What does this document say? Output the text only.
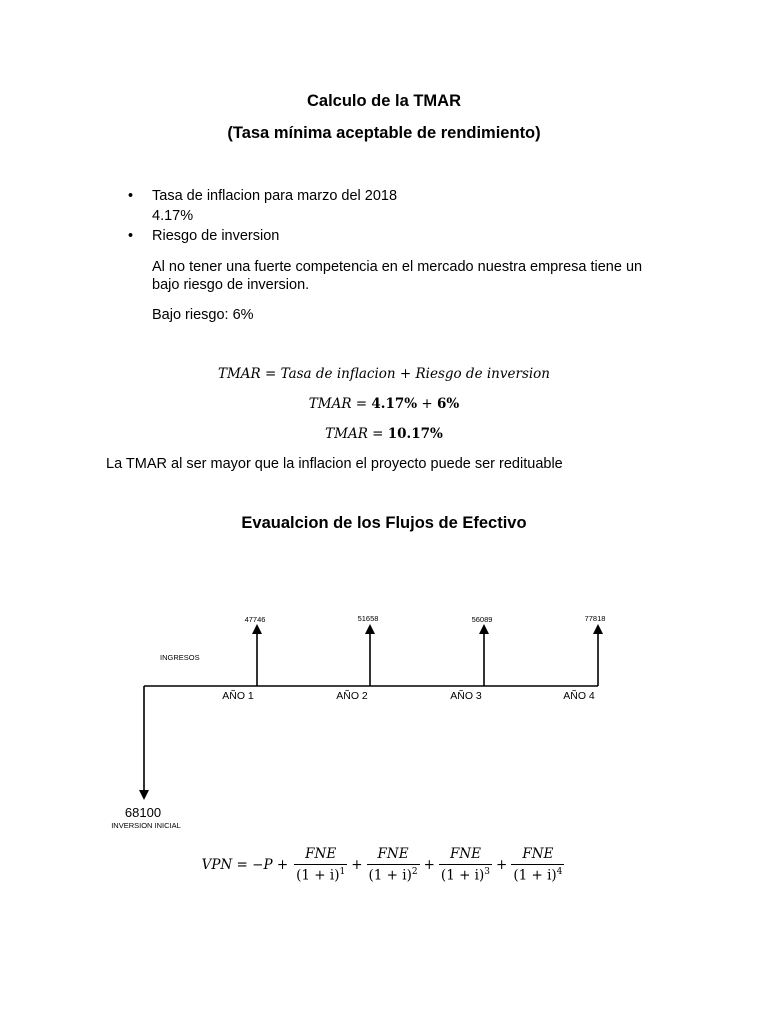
Calculo de la TMAR
(Tasa mínima aceptable de rendimiento)
• Tasa de inflacion para marzo del 2018
4.17%
• Riesgo de inversion
Al no tener una fuerte competencia en el mercado nuestra empresa tiene un
bajo riesgo de inversion.
Bajo riesgo: 6%
TMAR = Tasa de inflacion + Riesgo de inversion
TMAR = 4.17% + 6%
TMAR = 10.17%
La TMAR al ser mayor que la inflacion el proyecto puede ser redituable
Evaualcion de los Flujos de Efectivo
47746	51658	56089	77818
INGRESOS
AÑO 1	AÑO 2	AÑO 3	AÑO 4
68100
INVERSION INICIAL
VPN = $-P + \frac{\text{FNE}}{(1 + i)^1} + \frac{\text{FNE}}{(1 + i)^2} + \frac{\text{FNE}}{(1 + i)^3} + \frac{\text{FNE}}{(1 + i)^4}$
